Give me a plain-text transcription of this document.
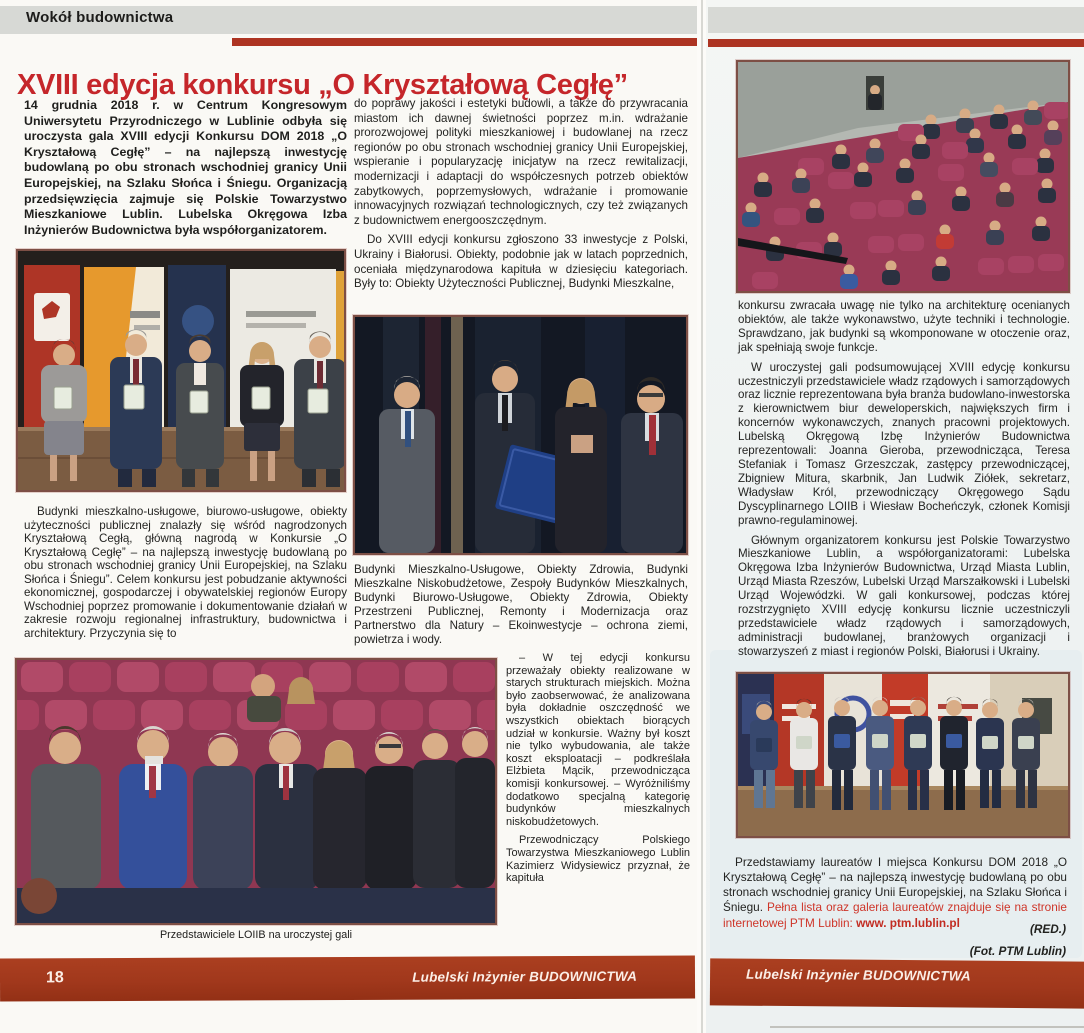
Wokół budownictwa
XVIII edycja konkursu „O Kryształową Cegłę”
14 grudnia 2018 r. w Centrum Kongresowym Uniwersytetu Przyrodniczego w Lublinie odbyła się uroczysta gala XVIII edycji Konkursu DOM 2018 „O Kryształową Cegłę” – na najlepszą inwestycję budowlaną po obu stronach wschodniej granicy Unii Europejskiej, na Szlaku Słońca i Śniegu. Organizacją przedsięwzięcia zajmuje się Polskie Towarzystwo Mieszkaniowe Lublin. Lubelska Okręgowa Izba Inżynierów Budownictwa była współorganizatorem.
Budynki mieszkalno-usługowe, biurowo-usługowe, obiekty użyteczności publicznej znalazły się wśród nagrodzonych Kryształową Cegłą, główną nagrodą w Konkursie „O Kryształową Cegłę” – na najlepszą inwestycję budowlaną po obu stronach wschodniej granicy Unii Europejskiej, na Szlaku Słońca i Śniegu”. Celem konkursu jest pobudzanie aktywności ekonomicznej, gospodarczej i obywatelskiej regionów Europy Wschodniej poprzez promowanie i dokumentowanie działań w zakresie rozwoju regionalnej infrastruktury, budownictwa i architektury. Przyczynia się to

do poprawy jakości i estetyki budowli, a także do przywracania miastom ich dawnej świetności poprzez m.in. wdrażanie prorozwojowej polityki mieszkaniowej i budowlanej na rzecz regionów po obu stronach wschodniej granicy Unii Europejskiej, wspieranie i popularyzację inicjatyw na rzecz rewitalizacji, modernizacji i adaptacji do współczesnych potrzeb obiektów zabytkowych, poprzemysłowych, wdrażanie i promowanie innowacyjnych rozwiązań technologicznych, czy też związanych z budownictwem energooszczędnym.

Do XVIII edycji konkursu zgłoszono 33 inwestycje z Polski, Ukrainy i Białorusi. Obiekty, podobnie jak w latach poprzednich, oceniała międzynarodowa kapituła w dziesięciu kategoriach. Były to: Obiekty Użyteczności Publicznej, Budynki Mieszkalne,

Budynki Mieszkalno-Usługowe, Obiekty Zdrowia, Budynki Mieszkalne Niskobudżetowe, Zespoły Budynków Mieszkalnych, Budynki Biurowo-Usługowe, Obiekty Zdrowia, Obiekty Przestrzeni Publicznej, Remonty i Modernizacja oraz Partnerstwo dla Natury – Ekoinwestycje – ochrona ziemi, powietrza i wody.
Przedstawiciele LOIIB na uroczystej gali

– W tej edycji konkursu przeważały obiekty realizowane w starych strukturach miejskich. Można było zaobserwować, że analizowana była dokładnie oszczędność we wszystkich obiektach biorących udział w konkursie. Ważny był koszt nie tylko wybudowania, ale także koszt eksploatacji – podkreślała Elżbieta Mącik, przewodnicząca komisji konkursowej. – Wyróżniliśmy dodatkowo specjalną kategorię budynków mieszkalnych niskobudżetowych.

Przewodniczący Polskiego Towarzystwa Mieszkaniowego Lublin Kazimierz Widysiewicz przyznał, że kapituła

18	Lubelski Inżynier BUDOWNICTWA

konkursu zwracała uwagę nie tylko na architekturę ocenianych obiektów, ale także wykonawstwo, użyte techniki i technologie. Sprawdzano, jak budynki są wkomponowane w otoczenie oraz, jak spełniają swoje funkcje.

W uroczystej gali podsumowującej XVIII edycję konkursu uczestniczyli przedstawiciele władz rządowych i samorządowych oraz licznie reprezentowana była branża budowlano-inwestorska z kierownictwem biur deweloperskich, największych firm i koncernów wykonawczych, znanych pracowni projektowych. Lubelską Okręgową Izbę Inżynierów Budownictwa reprezentowali: Joanna Gieroba, przewodnicząca, Teresa Stefaniak i Tomasz Grzeszczak, zastępcy przewodniczącej, Zbigniew Mitura, skarbnik, Jan Ludwik Ziółek, sekretarz, Władysław Król, przewodniczący Okręgowego Sądu Dyscyplinarnego LOIIB i Wiesław Bocheńczyk, członek Komisji prawno-regulaminowej.

Głównym organizatorem konkursu jest Polskie Towarzystwo Mieszkaniowe Lublin, a współorganizatorami: Lubelska Okręgowa Izba Inżynierów Budownictwa, Urząd Miasta Lublin, Urząd Miasta Rzeszów, Lubelski Urząd Marszałkowski i Lubelski Urząd Wojewódzki. W gali konkursowej, podczas której rozstrzygnięto XVIII edycję konkursu licznie uczestniczyli przedstawiciele władz rządowych i samorządowych, administracji budowlanej, branżowych organizacji i stowarzyszeń z miast i regionów Polski, Białorusi i Ukrainy.

Przedstawiamy laureatów I miejsca Konkursu DOM 2018 „O Kryształową Cegłę” – na najlepszą inwestycję budowlaną po obu stronach wschodniej granicy Unii Europejskiej, na Szlaku Słońca i Śniegu. Pełna lista oraz galeria laureatów znajduje się na stronie internetowej PTM Lublin: www. ptm.lublin.pl	(RED.)
(Fot. PTM Lublin)
Lubelski Inżynier BUDOWNICTWA
